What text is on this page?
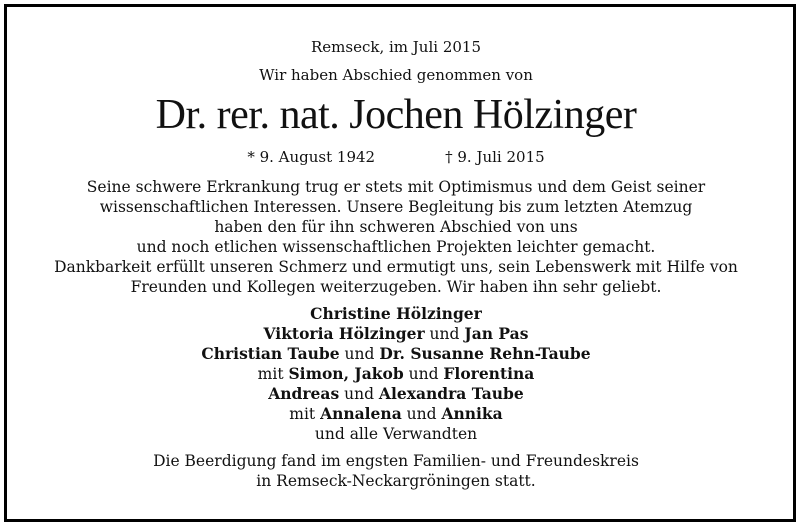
Remseck, im Juli 2015
Wir haben Abschied genommen von
Dr. rer. nat. Jochen Hölzinger
* 9. August 1942	† 9. Juli 2015
Seine schwere Erkrankung trug er stets mit Optimismus und dem Geist seiner
wissenschaftlichen Interessen. Unsere Begleitung bis zum letzten Atemzug
haben den für ihn schweren Abschied von uns
und noch etlichen wissenschaftlichen Projekten leichter gemacht.
Dankbarkeit erfüllt unseren Schmerz und ermutigt uns, sein Lebenswerk mit Hilfe von
Freunden und Kollegen weiterzugeben. Wir haben ihn sehr geliebt.
Christine Hölzinger
Viktoria Hölzinger und Jan Pas
Christian Taube und Dr. Susanne Rehn-Taube
mit Simon, Jakob und Florentina
Andreas und Alexandra Taube
mit Annalena und Annika
und alle Verwandten
Die Beerdigung fand im engsten Familien- und Freundeskreis
in Remseck-Neckargröningen statt.
